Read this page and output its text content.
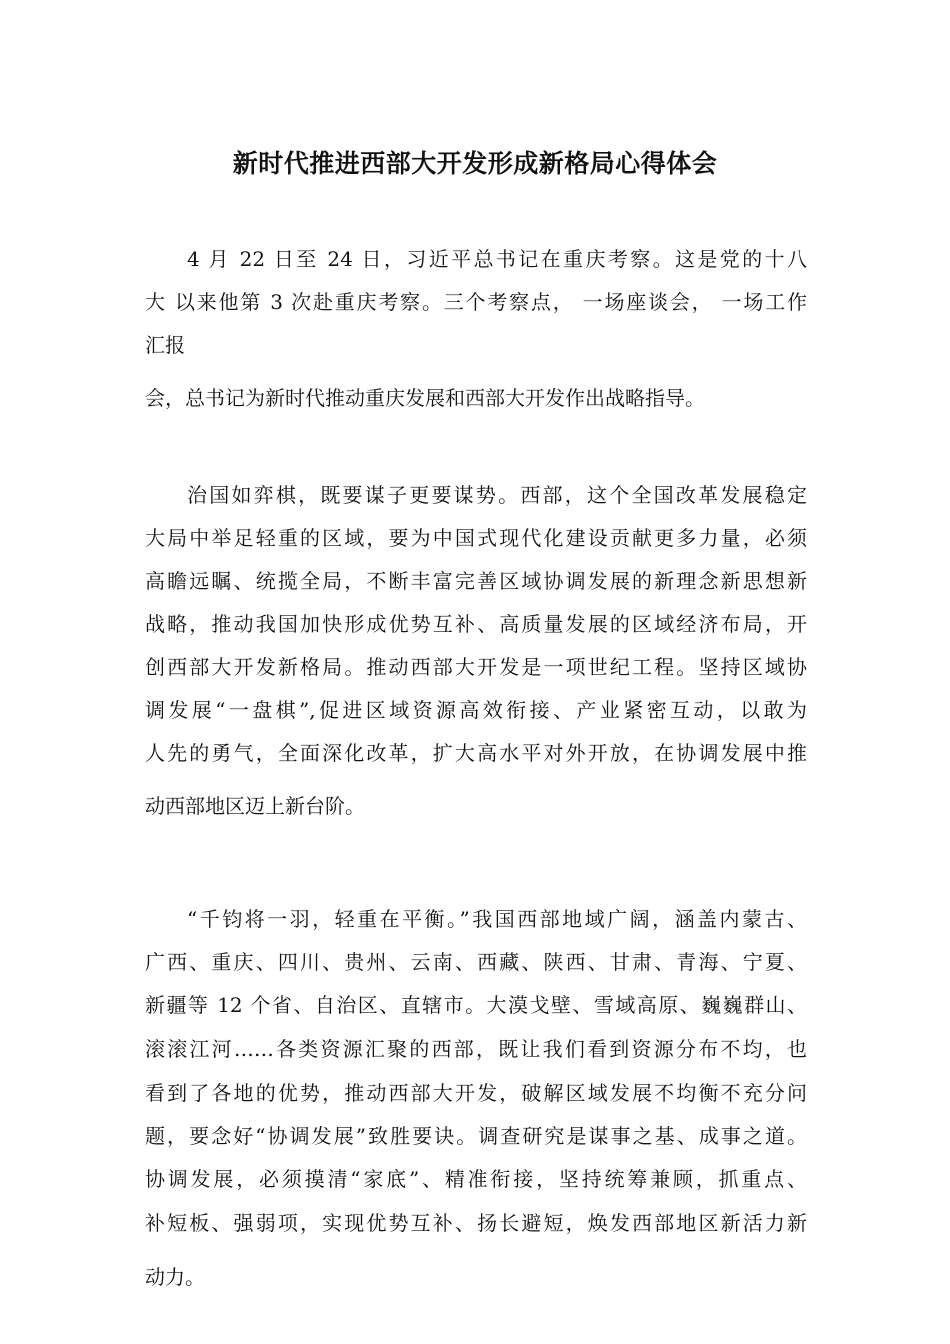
新时代推进西部大开发形成新格局心得体会
4 月 22 日至 24 日，习近平总书记在重庆考察。这是党的十八
大 以来他第 3 次赴重庆考察。三个考察点， 一场座谈会， 一场工作
汇报
会，总书记为新时代推动重庆发展和西部大开发作出战略指导。
治国如弈棋，既要谋子更要谋势。西部，这个全国改革发展稳定
大局中举足轻重的区域，要为中国式现代化建设贡献更多力量，必须
高瞻远瞩、统揽全局，不断丰富完善区域协调发展的新理念新思想新
战略，推动我国加快形成优势互补、高质量发展的区域经济布局，开
创西部大开发新格局。推动西部大开发是一项世纪工程。坚持区域协
调发展“一盘棋”,促进区域资源高效衔接、产业紧密互动，以敢为
人先的勇气，全面深化改革，扩大高水平对外开放，在协调发展中推
动西部地区迈上新台阶。
“千钧将一羽，轻重在平衡。”我国西部地域广阔，涵盖内蒙古、
广西、重庆、四川、贵州、云南、西藏、陕西、甘肃、青海、宁夏、
新疆等 12 个省、自治区、直辖市。大漠戈壁、雪域高原、巍巍群山、
滚滚江河……各类资源汇聚的西部，既让我们看到资源分布不均，也
看到了各地的优势，推动西部大开发，破解区域发展不均衡不充分问
题，要念好“协调发展”致胜要诀。调查研究是谋事之基、成事之道。
协调发展，必须摸清“家底”、精准衔接，坚持统筹兼顾，抓重点、
补短板、强弱项，实现优势互补、扬长避短，焕发西部地区新活力新
动力。
